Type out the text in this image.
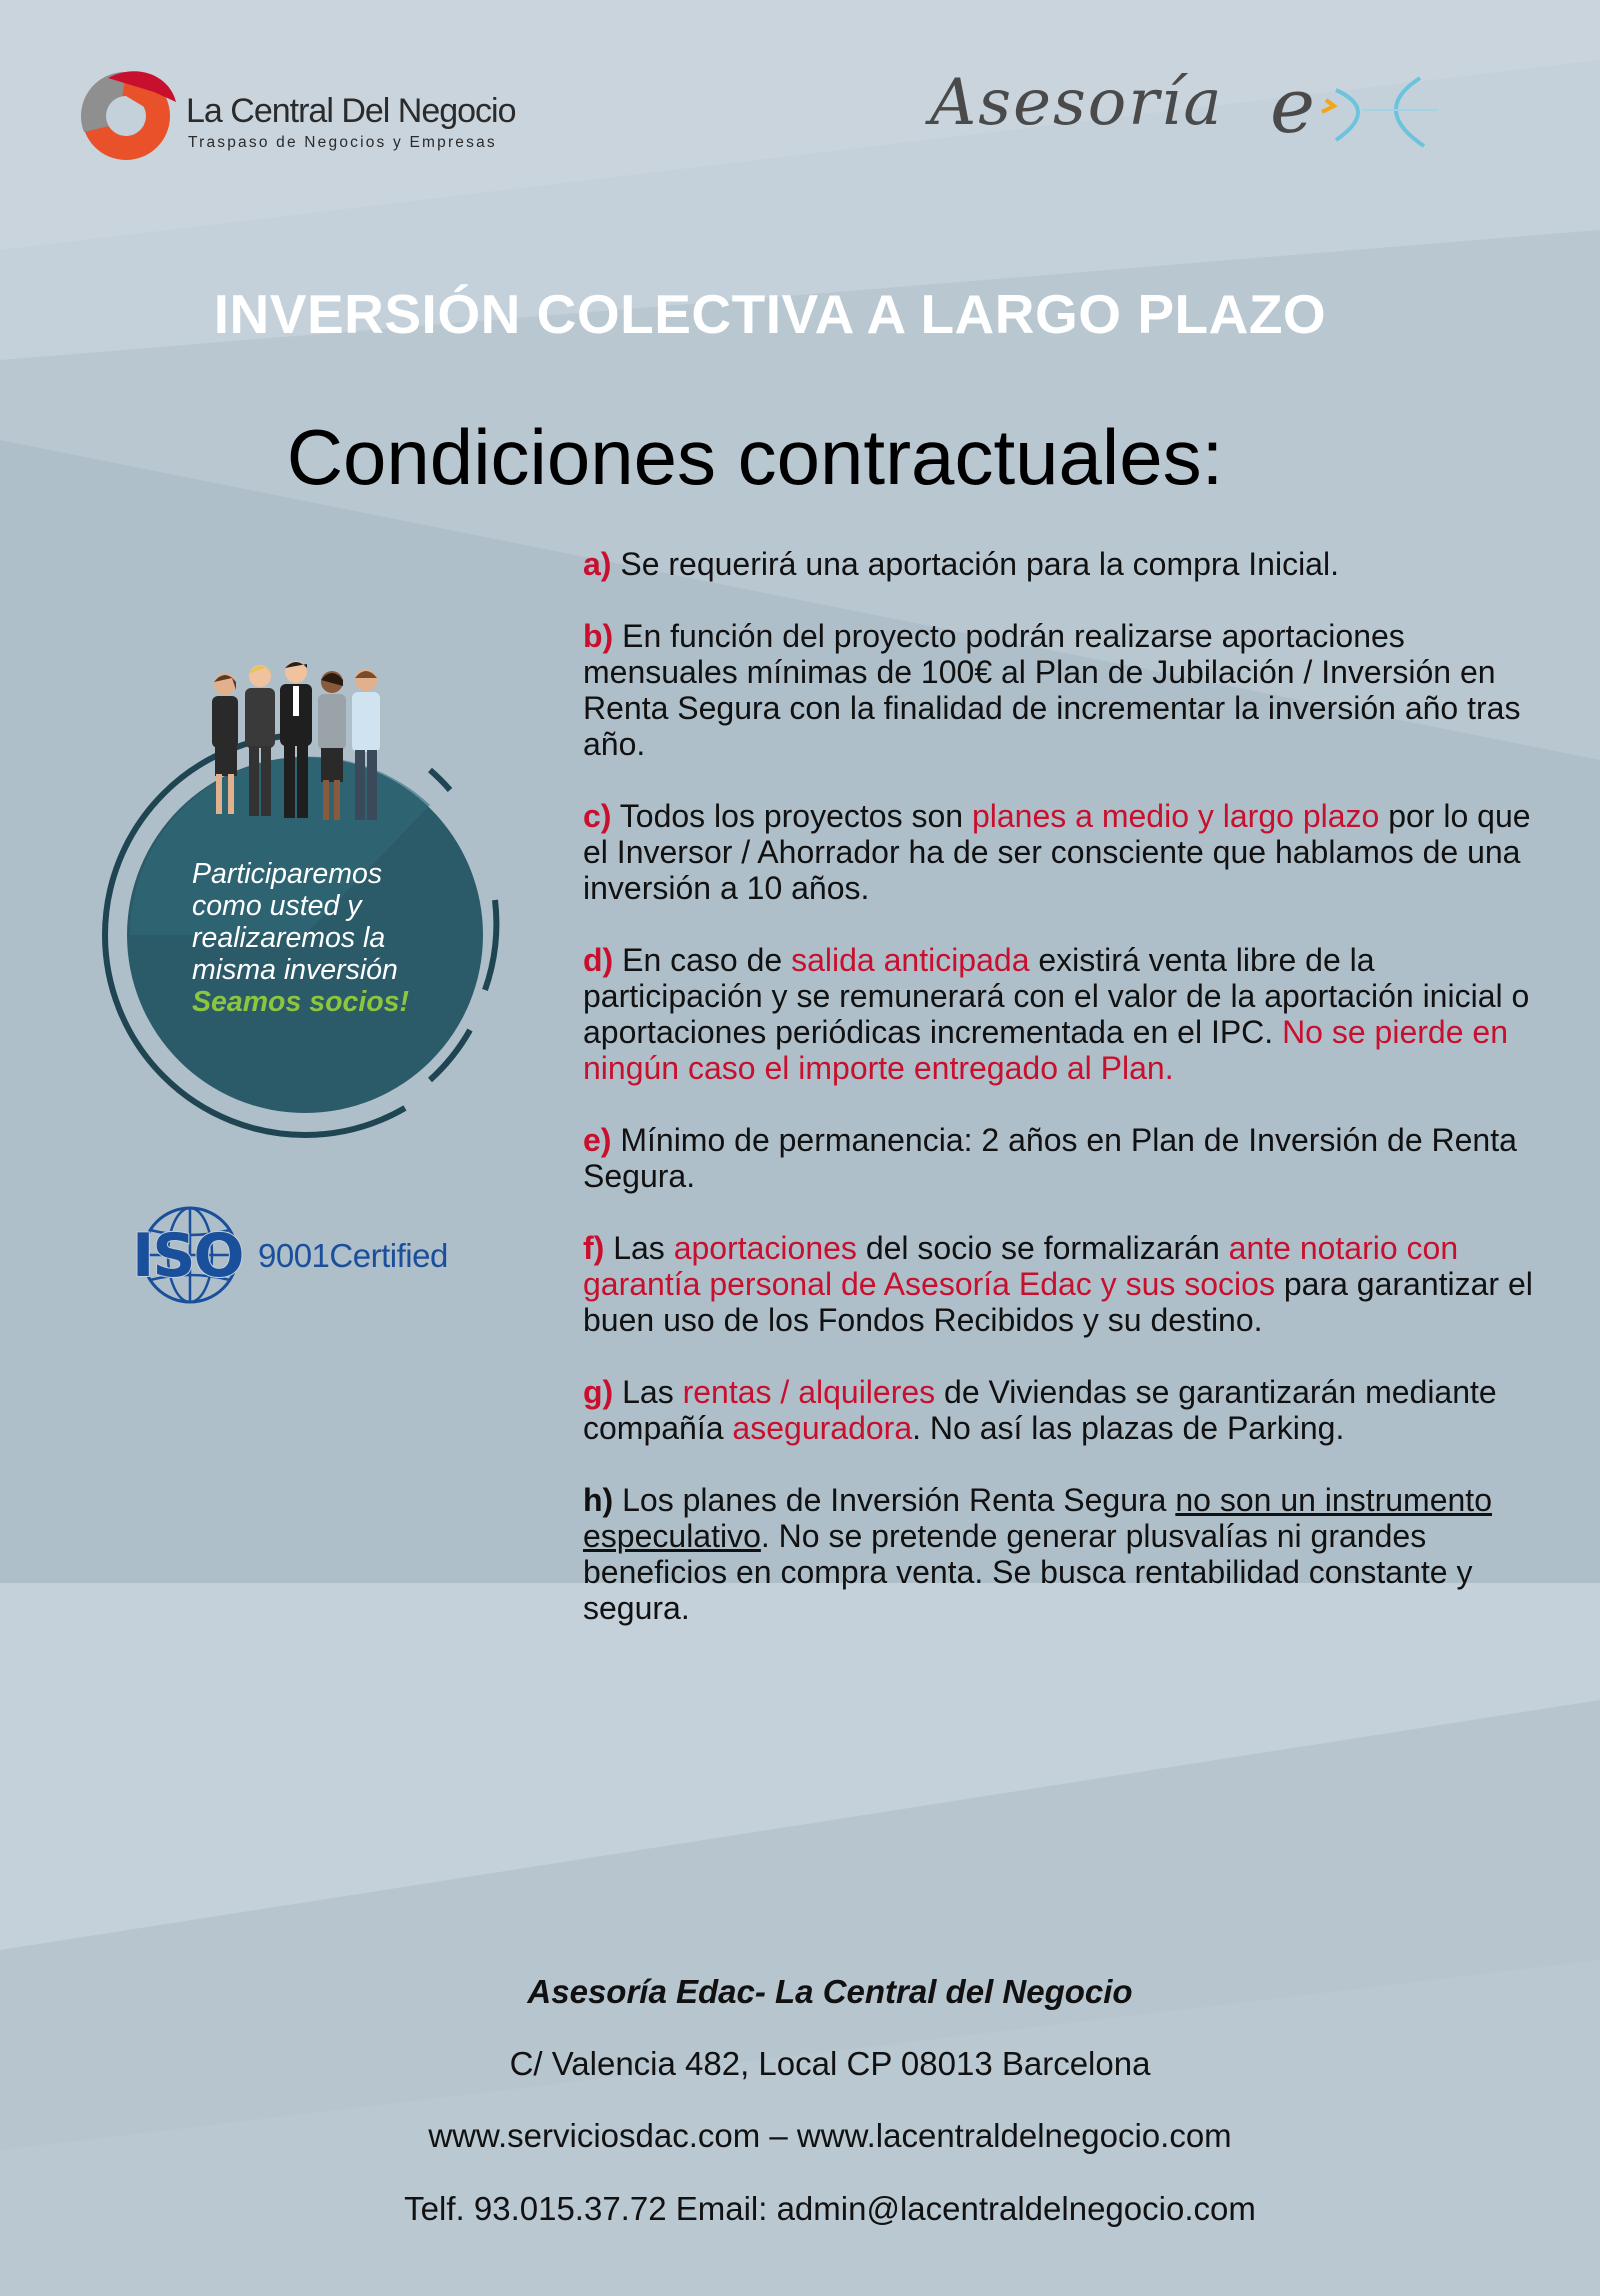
La Central Del Negocio
Traspaso de Negocios y Empresas
Asesoría e
INVERSIÓN COLECTIVA A LARGO PLAZO
Condiciones contractuales:
Participaremos
como usted y
realizaremos la
misma inversión
Seamos socios!
ISO 9001Certified

a) Se requerirá una aportación para la compra Inicial.

b) En función del proyecto podrán realizarse aportaciones mensuales mínimas de 100€ al Plan de Jubilación / Inversión en Renta Segura con la finalidad de incrementar la inversión año tras año.

c) Todos los proyectos son planes a medio y largo plazo por lo que el Inversor / Ahorrador ha de ser consciente que hablamos de una inversión a 10 años.

d) En caso de salida anticipada existirá venta libre de la participación y se remunerará con el valor de la aportación inicial o aportaciones periódicas incrementada en el IPC. No se pierde en ningún caso el importe entregado al Plan.

e) Mínimo de permanencia: 2 años en Plan de Inversión de Renta Segura.

f) Las aportaciones del socio se formalizarán ante notario con garantía personal de Asesoría Edac y sus socios para garantizar el buen uso de los Fondos Recibidos y su destino.

g) Las rentas / alquileres de Viviendas se garantizarán mediante compañía aseguradora. No así las plazas de Parking.

h) Los planes de Inversión Renta Segura no son un instrumento especulativo. No se pretende generar plusvalías ni grandes beneficios en compra venta. Se busca rentabilidad constante y segura.

Asesoría Edac- La Central del Negocio
C/ Valencia 482, Local CP 08013 Barcelona
www.serviciosdac.com – www.lacentraldelnegocio.com
Telf. 93.015.37.72 Email: admin@lacentraldelnegocio.com
